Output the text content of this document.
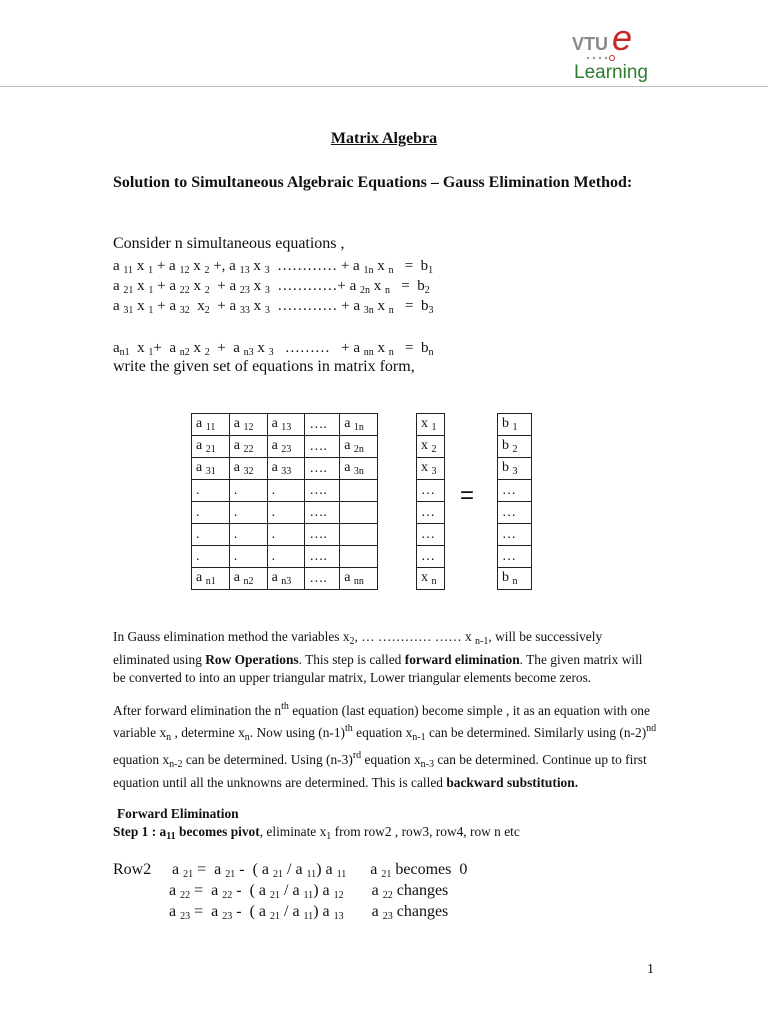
VTU e
Learning
Matrix Algebra
Solution to Simultaneous Algebraic Equations – Gauss Elimination Method:
Consider n simultaneous equations ,
a $_{11}$ x $_1$ + a $_{12}$ x $_2$ +, a $_{13}$ x $_3$  ………… + a $_{1n}$ x $_n = b_1$
a $_{21}$ x $_1$ + a $_{22}$ x $_2$  + a $_{23}$ x $_3$  …………+ a $_{2n}$ x $_n = b_2$
a $_{31}$ x $_1$ + a $_{32}$  $x_2 + a$ $_{33}$ x $_3$  ………… + a $_{3n}$ x $_n = b_3$
$a_{n1}$  x $_1$+  a $_{n2}$ x $_2$  +  a $_{n3}$ x $_3$   ………   + a $_{nn}$ x $_n = b_n$
write the given set of equations in matrix form,
a $_{11}$	a $_{12}$	a $_{13}$	….	a $_{1n}$
a $_{21}$	a $_{22}$	a $_{23}$	….	a $_{2n}$
a $_{31}$	a $_{32}$	a $_{33}$	….	a $_{3n}$
.	.	.	….	
.	.	.	….	
.	.	.	….	
.	.	.	….	
a $_{n1}$	a $_{n2}$	a $_{n3}$	….	a $_{nn}$
x $_1$
x $_2$
x $_3$
…
…
…
…
x $_n$
=
b $_1$
b $_2$
b $_3$
…
…
…
…
b $_n$
In Gauss elimination method the variables $x_2$, … ………… …… x $_{n-1}$, will be successively eliminated using Row Operations. This step is called forward elimination. The given matrix will be converted to into an upper triangular matrix, Lower triangular elements become zeros.
After forward elimination the $n^{th}$ equation (last equation) become simple , it as an equation with one variable $x_n$ , determine $x_n$. Now using $(n-1)^{th}$ equation $x_{n-1}$ can be determined. Similarly using $(n-2)^{nd}$ equation $x_{n-2}$ can be determined. Using $(n-3)^{rd}$ equation $x_{n-3}$ can be determined. Continue up to first equation until all the unknowns are determined. This is called backward substitution.
Forward Elimination
Step 1 : $a_{11}$ becomes pivot, eliminate $x_1$ from row2 , row3, row4, row n etc
Row2 a $_{21}$ =  a $_{21}$ -  ( a $_{21}$ / a $_{11}$) a $_{11}$      a $_{21}$ becomes  0
a $_{22}$ =  a $_{22}$ -  ( a $_{21}$ / a $_{11}$) a $_{12}$       a $_{22}$ changes
a $_{23}$ =  a $_{23}$ -  ( a $_{21}$ / a $_{11}$) a $_{13}$       a $_{23}$ changes
1
